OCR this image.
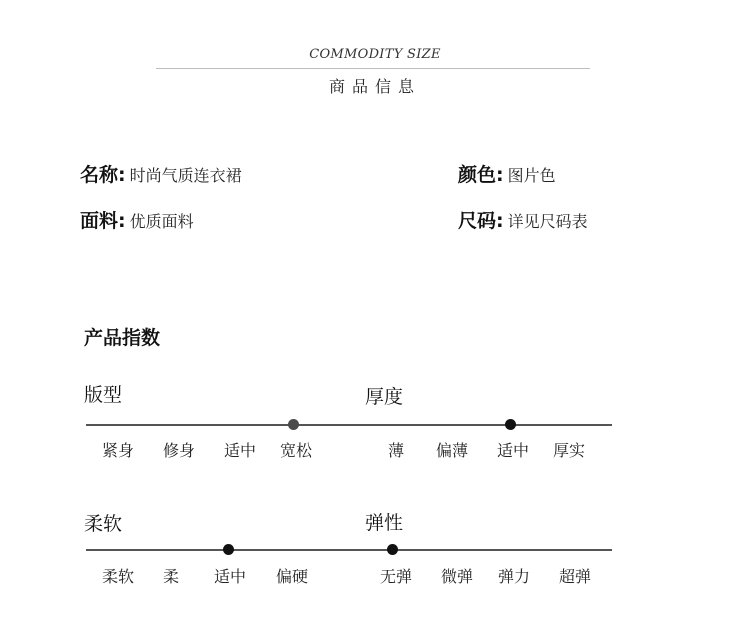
COMMODITY SIZE
商品信息
名称 : 时尚气质连衣裙	颜色 : 图片色
面料 : 优质面料	尺码 : 详见尺码表
产品指数
版型
紧身	修身	适中	宽松
厚度
薄	偏薄	适中	厚实
柔软
柔软	柔	适中	偏硬
弹性
无弹	微弹	弹力	超弹
